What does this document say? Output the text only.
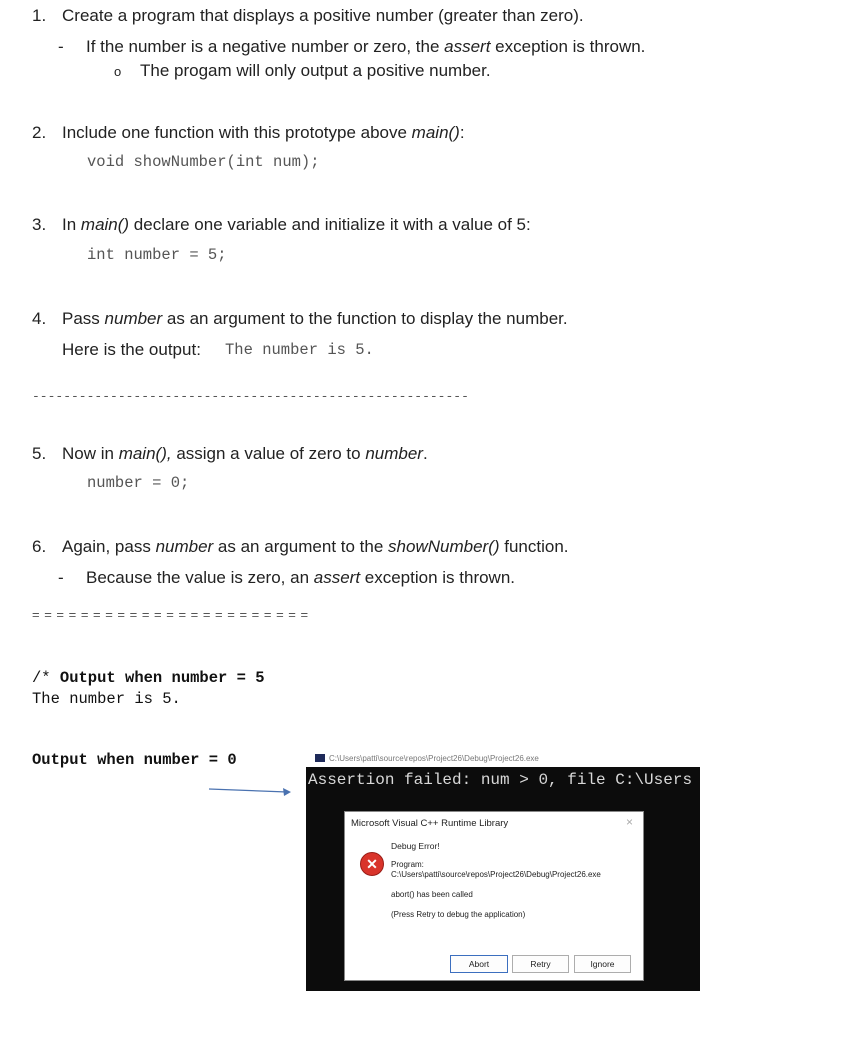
1. Create a program that displays a positive number (greater than zero).
- If the number is a negative number or zero, the assert exception is thrown.
o The progam will only output a positive number.
2. Include one function with this prototype above main():
void showNumber(int num);
3. In main() declare one variable and initialize it with a value of 5:
int number = 5;
4. Pass number as an argument to the function to display the number.
Here is the output: The number is 5.
--------------------------------------------------------
5. Now in main(), assign a value of zero to number.
number = 0;
6. Again, pass number as an argument to the showNumber() function.
- Because the value is zero, an assert exception is thrown.
= = = = = = = = = = = = = = = = = = = = = = =
/* Output when number = 5
The number is 5.
Output when number = 0	C:\Users\patti\source\repos\Project26\Debug\Project26.exe
Assertion failed: num > 0, file C:\Users
Microsoft Visual C++ Runtime Library	×
✕
Debug Error!
Program:
C:\Users\patti\source\repos\Project26\Debug\Project26.exe
abort() has been called
(Press Retry to debug the application)
Abort	Retry	Ignore
